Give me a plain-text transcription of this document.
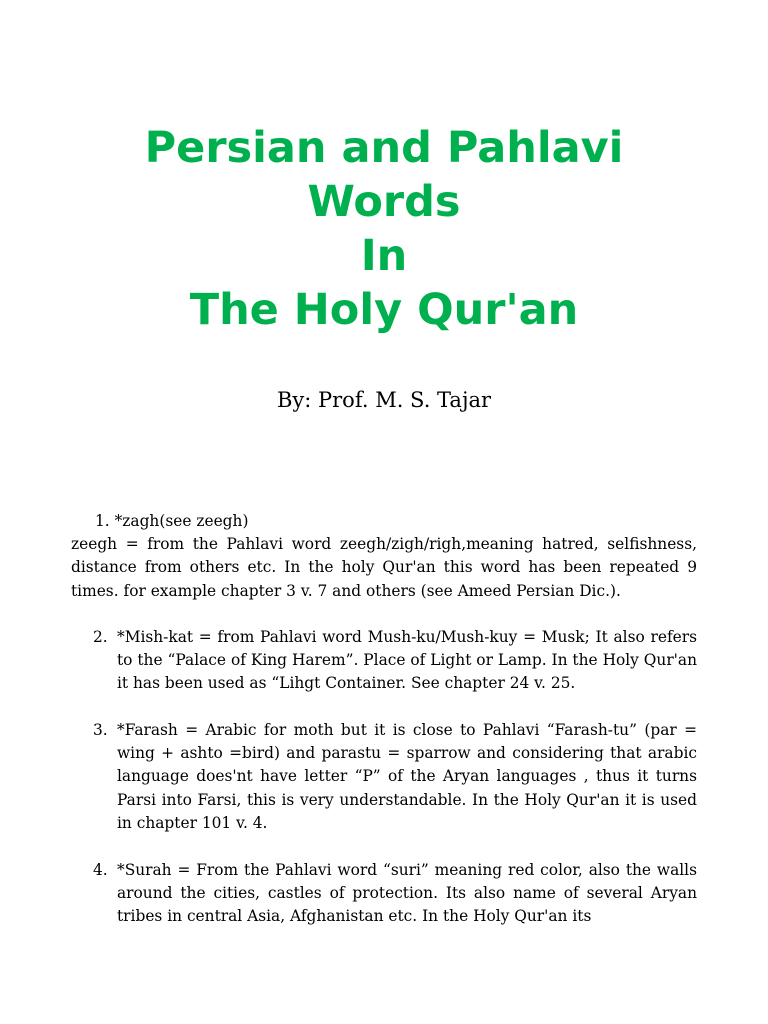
Persian and Pahlavi
Words
In
The Holy Qur'an
By: Prof. M. S. Tajar
1. *zagh(see zeegh)
zeegh = from the Pahlavi word zeegh/zigh/righ,meaning hatred, selfishness, distance from others etc. In the holy Qur'an this word has been repeated 9 times. for example chapter 3 v. 7 and others (see Ameed Persian Dic.).
2. *Mish-kat = from Pahlavi word Mush-ku/Mush-kuy = Musk; It also refers to the “Palace of King Harem”. Place of Light or Lamp. In the Holy Qur'an it has been used as “Lihgt Container. See chapter 24 v. 25.
3. *Farash = Arabic for moth but it is close to Pahlavi “Farash-tu” (par = wing + ashto =bird) and parastu = sparrow and considering that arabic language does'nt have letter “P” of the Aryan languages , thus it turns Parsi into Farsi, this is very understandable. In the Holy Qur'an it is used in chapter 101 v. 4.
4. *Surah = From the Pahlavi word “suri” meaning red color, also the walls around the cities, castles of protection. Its also name of several Aryan tribes in central Asia, Afghanistan etc. In the Holy Qur'an its
